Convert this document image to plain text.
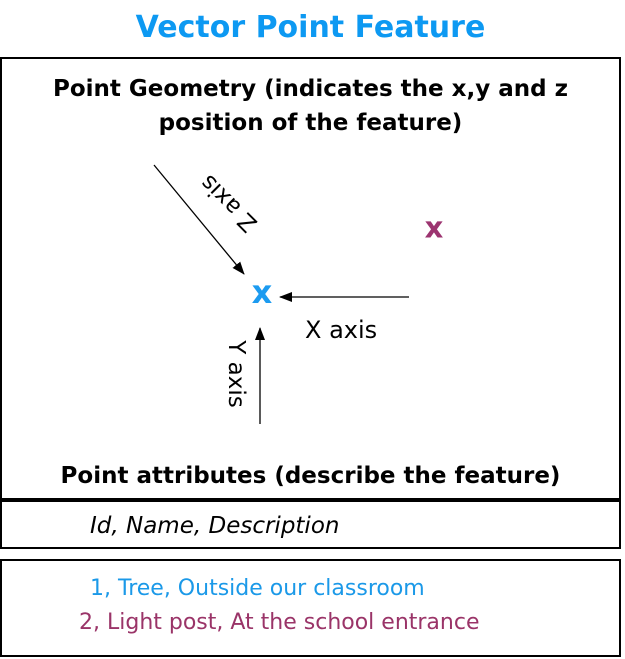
Vector Point Feature
Point Geometry (indicates the x,y and z position of the feature)
Z axis
X axis
Y axis
x
x
Point attributes (describe the feature)
Id, Name, Description
1, Tree, Outside our classroom
2, Light post, At the school entrance
